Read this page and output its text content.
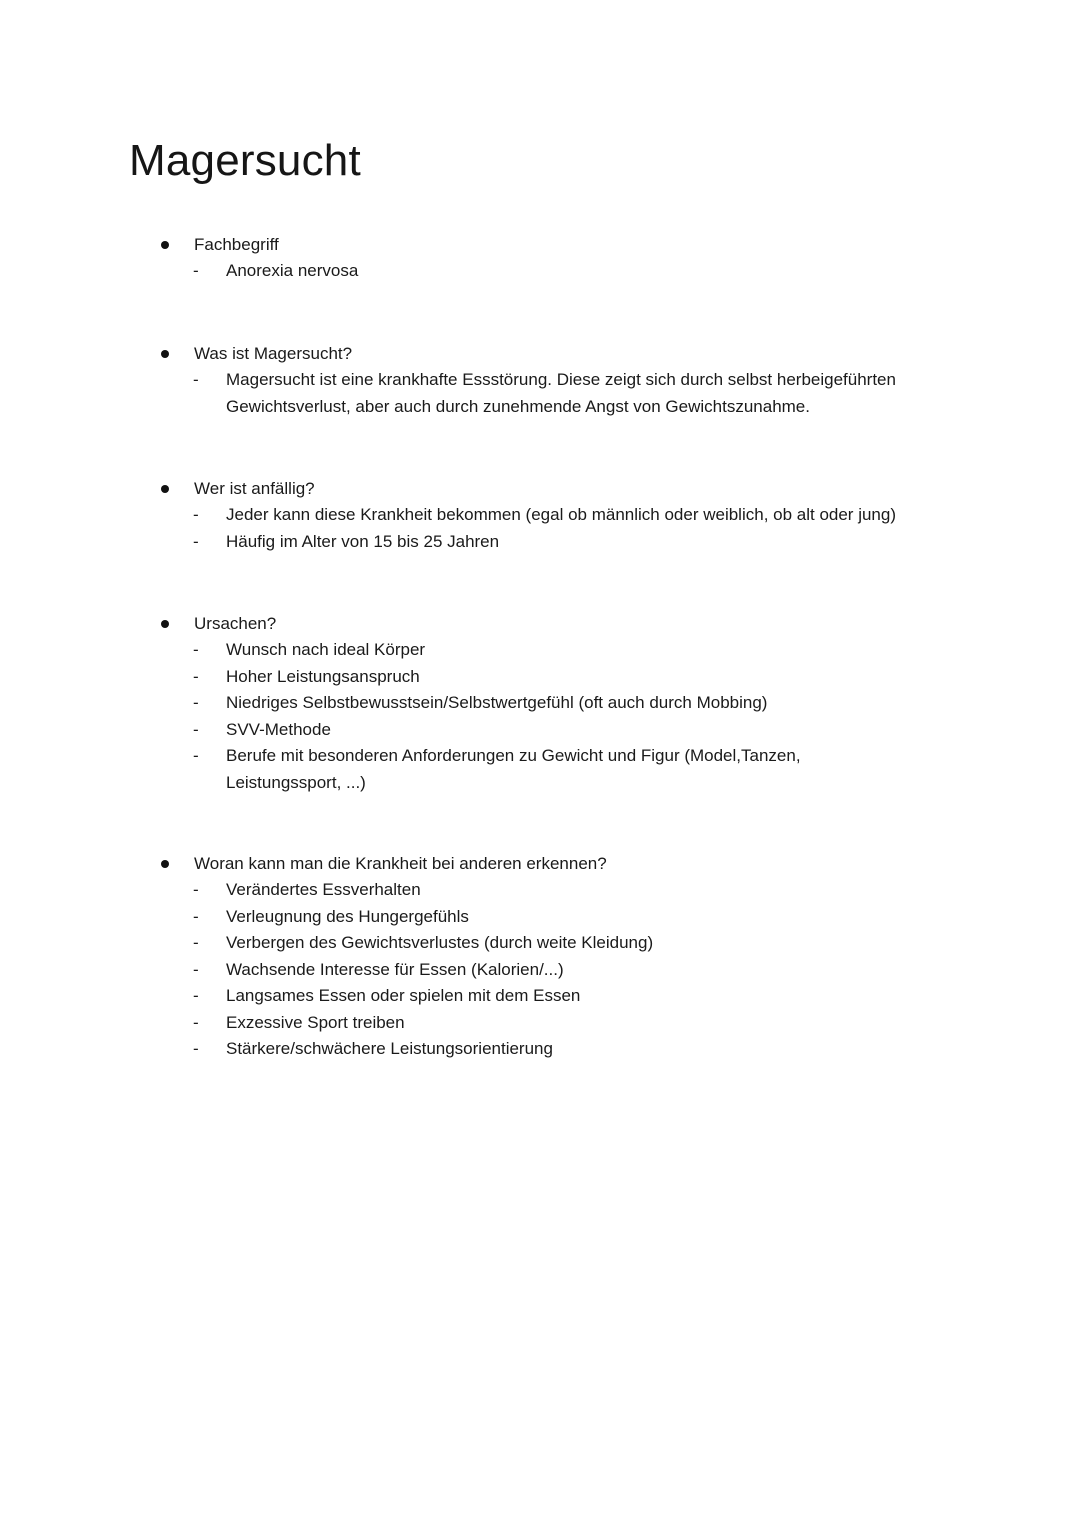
Magersucht
Fachbegriff
- Anorexia nervosa
Was ist Magersucht?
- Magersucht ist eine krankhafte Essstörung. Diese zeigt sich durch selbst herbeigeführten Gewichtsverlust, aber auch durch zunehmende Angst von Gewichtszunahme.
Wer ist anfällig?
- Jeder kann diese Krankheit bekommen (egal ob männlich oder weiblich, ob alt oder jung)
- Häufig im Alter von 15 bis 25 Jahren
Ursachen?
- Wunsch nach ideal Körper
- Hoher Leistungsanspruch
- Niedriges Selbstbewusstsein/Selbstwertgefühl (oft auch durch Mobbing)
- SVV-Methode
- Berufe mit besonderen Anforderungen zu Gewicht und Figur (Model,Tanzen, Leistungssport, ...)
Woran kann man die Krankheit bei anderen erkennen?
- Verändertes Essverhalten
- Verleugnung des Hungergefühls
- Verbergen des Gewichtsverlustes (durch weite Kleidung)
- Wachsende Interesse für Essen (Kalorien/...)
- Langsames Essen oder spielen mit dem Essen
- Exzessive Sport treiben
- Stärkere/schwächere Leistungsorientierung
